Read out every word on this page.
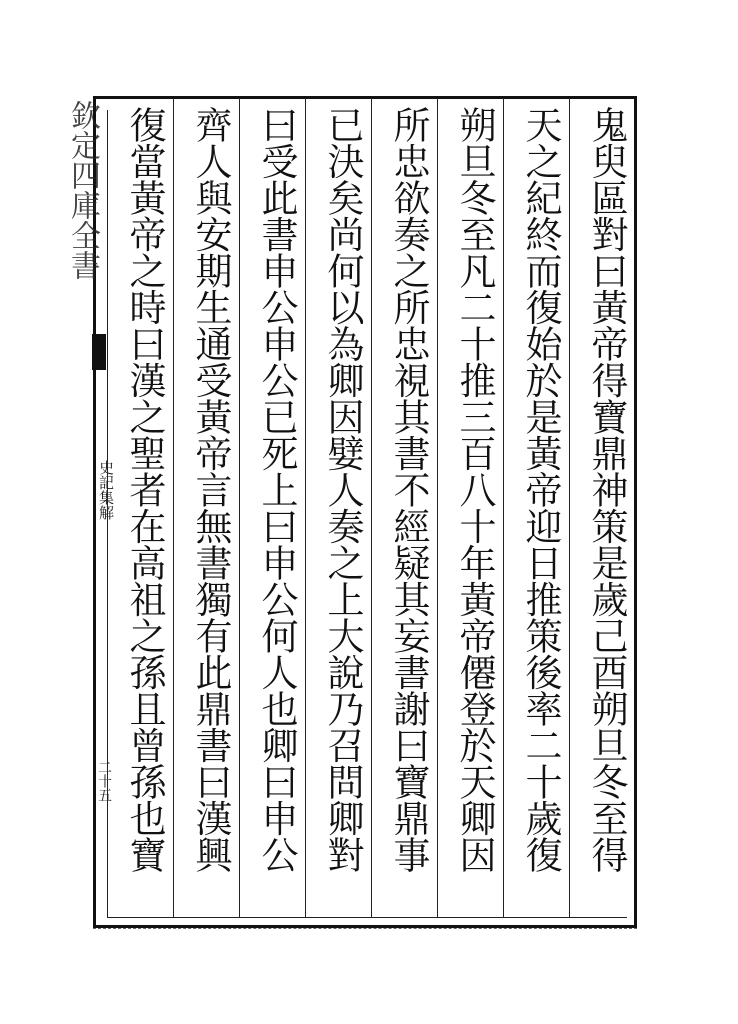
鬼臾區對曰黃帝得寶鼎神策是歲己酉朔旦冬至得
天之紀終而復始於是黃帝迎日推策後率二十歲復
朔旦冬至凡二十推三百八十年黃帝僊登於天卿因
所忠欲奏之所忠視其書不經疑其妄書謝曰寶鼎事
已決矣尚何以為卿因嬖人奏之上大說乃召問卿對
曰受此書申公申公已死上曰申公何人也卿曰申公
齊人與安期生通受黃帝言無書獨有此鼎書曰漢興
復當黃帝之時曰漢之聖者在高祖之孫且曾孫也寶
欽定四庫全書
史記集解
二十五
